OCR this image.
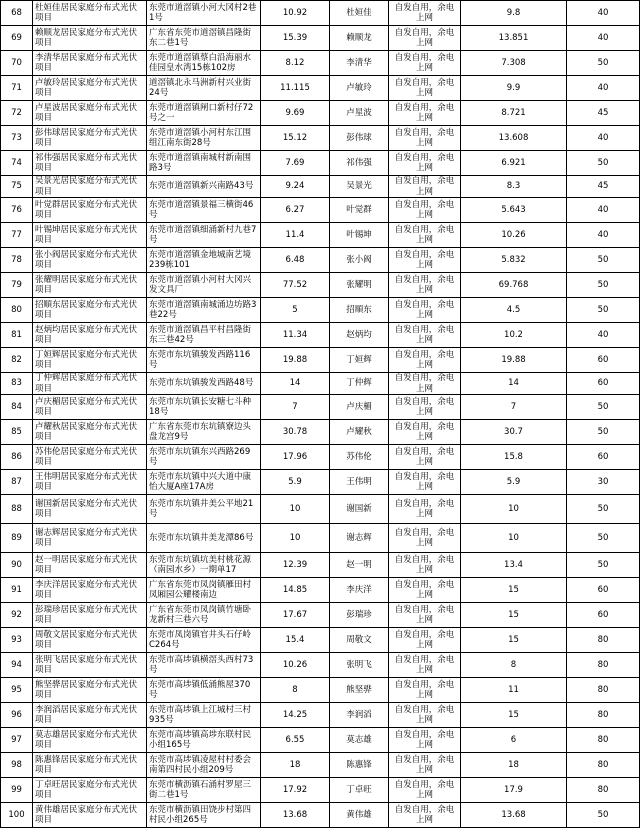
68	杜姮佳居民家庭分布式光伏项目	东莞市道滘镇小河大冈村2巷1号	10.92	杜姮佳	自发自用，余电上网	9.8	40
69	赖顺龙居民家庭分布式光伏项目	广东省东莞市道滘镇昌隆街东二巷1号	15.39	赖顺龙	自发自用，余电上网	13.851	40
70	李清华居民家庭分布式光伏项目	东莞市道滘镇蔡白沿海丽水佳园皇水湾15栋102房	8.12	李清华	自发自用，余电上网	7.308	50
71	卢敏玲居民家庭分布式光伏项目	道滘镇北永马洲新村兴业街24号	11.115	卢敏玲	自发自用，余电上网	9.9	40
72	卢星波居民家庭分布式光伏项目	东莞市道滘镇闸口新村仔72号之一	9.69	卢星波	自发自用，余电上网	8.721	45
73	彭伟球居民家庭分布式光伏项目	东莞市道滘镇小河村东江围组江南东街28号	15.12	彭伟球	自发自用，余电上网	13.608	40
74	祁伟强居民家庭分布式光伏项目	东莞市道滘镇南城村新南围路3号	7.69	祁伟强	自发自用，余电上网	6.921	50
75	吴景光居民家庭分布式光伏项目	东莞市道滘镇新兴南路43号	9.24	吴景光	自发自用，余电上网	8.3	45
76	叶觉群居民家庭分布式光伏项目	东莞市道滘镇景福三横街46号	6.27	叶觉群	自发自用，余电上网	5.643	40
77	叶锡坤居民家庭分布式光伏项目	东莞市道滘镇细涌新村九巷7号	11.4	叶锡坤	自发自用，余电上网	10.26	40
78	张小阀居民家庭分布式光伏项目	东莞市道滘镇金地城南艺境239栋101	6.48	张小阀	自发自用，余电上网	5.832	50
79	张耀明居民家庭分布式光伏项目	东莞市道滘镇小河村大冈兴发文具厂	77.52	张耀明	自发自用，余电上网	69.768	50
80	招順东居民家庭分布式光伏项目	东莞市道滘镇南城涌边坊路3巷22号	5	招順东	自发自用，余电上网	4.5	50
81	赵炳均居民家庭分布式光伏项目	东莞市道滘镇昌平村昌隆街东三巷42号	11.34	赵炳均	自发自用，余电上网	10.2	40
82	丁姮辉居民家庭分布式光伏项目	东莞市东坑镇骏发西路116号	19.88	丁姮辉	自发自用，余电上网	19.88	60
83	丁仲辉居民家庭分布式光伏项目	东莞市东坑镇骏发西路48号	14	丁仲辉	自发自用，余电上网	14	60
84	卢庆楣居民家庭分布式光伏项目	东莞市东坑镇长安糖七斗种18号	7	卢庆楣	自发自用，余电上网	7	50
85	卢耀秋居民家庭分布式光伏项目	广东省东莞市东坑镇寮边头盘龙宫9号	30.78	卢耀秋	自发自用，余电上网	30.7	50
86	苏伟伦居民家庭分布式光伏项目	东莞市东坑镇东兴西路269号	17.96	苏伟伦	自发自用，余电上网	15.8	60
87	王伟明居民家庭分布式光伏项目	东莞市东坑镇中兴大道中康怡大厦A座17A房	5.9	王伟明	自发自用，余电上网	5.9	30
88	谢国新居民家庭分布式光伏项目	东莞市东坑镇井美公平地21号	10	谢国新	自发自用，余电上网	10	50
89	谢志辉居民家庭分布式光伏项目	东莞市东坑镇井美龙潭86号	10	谢志辉	自发自用，余电上网	10	50
90	赵一明居民家庭分布式光伏项目	东莞市东坑镇坑美村桃花源（南园水乡）一期单17	12.39	赵一明	自发自用，余电上网	13.4	50
91	李庆洋居民家庭分布式光伏项目	广东省东莞市凤岗镇雁田村凤厢园公耀楼南边	14.85	李庆洋	自发自用，余电上网	15	60
92	彭瑞珍居民家庭分布式光伏项目	广东省东莞市凤岗镇竹塘卧龙新村三巷六号	17.67	彭瑞珍	自发自用，余电上网	15	60
93	周敬文居民家庭分布式光伏项目	东莞市凤岗镇官井头石仔岭C264号	15.4	周敬文	自发自用，余电上网	15	80
94	张明飞居民家庭分布式光伏项目	东莞市高埗镇横滘头西村73号	10.26	张明飞	自发自用，余电上网	8	80
95	熊坚骅居民家庭分布式光伏项目	东莞市高埗镇低涌熊屋370号	8	熊坚骅	自发自用，余电上网	11	80
96	李润滔居民家庭分布式光伏项目	东莞市高埗镇上江城村三村935号	14.25	李润滔	自发自用，余电上网	15	80
97	莫志雄居民家庭分布式光伏项目	东莞市高埗镇高埗东联村民小组165号	6.55	莫志雄	自发自用，余电上网	6	80
98	陈惠锋居民家庭分布式光伏项目	东莞市高埗镇凌屋村村委会南第四村民小组209号	18	陈惠锋	自发自用，余电上网	18	80
99	丁卓旺居民家庭分布式光伏项目	东莞市横沥镇石涌村罗屋三街二巷1号	17.92	丁卓旺	自发自用，余电上网	17.9	80
100	黄伟雄居民家庭分布式光伏项目	东莞市横沥镇田饶步村第四村民小组265号	13.68	黄伟雄	自发自用，余电上网	13.68	50
